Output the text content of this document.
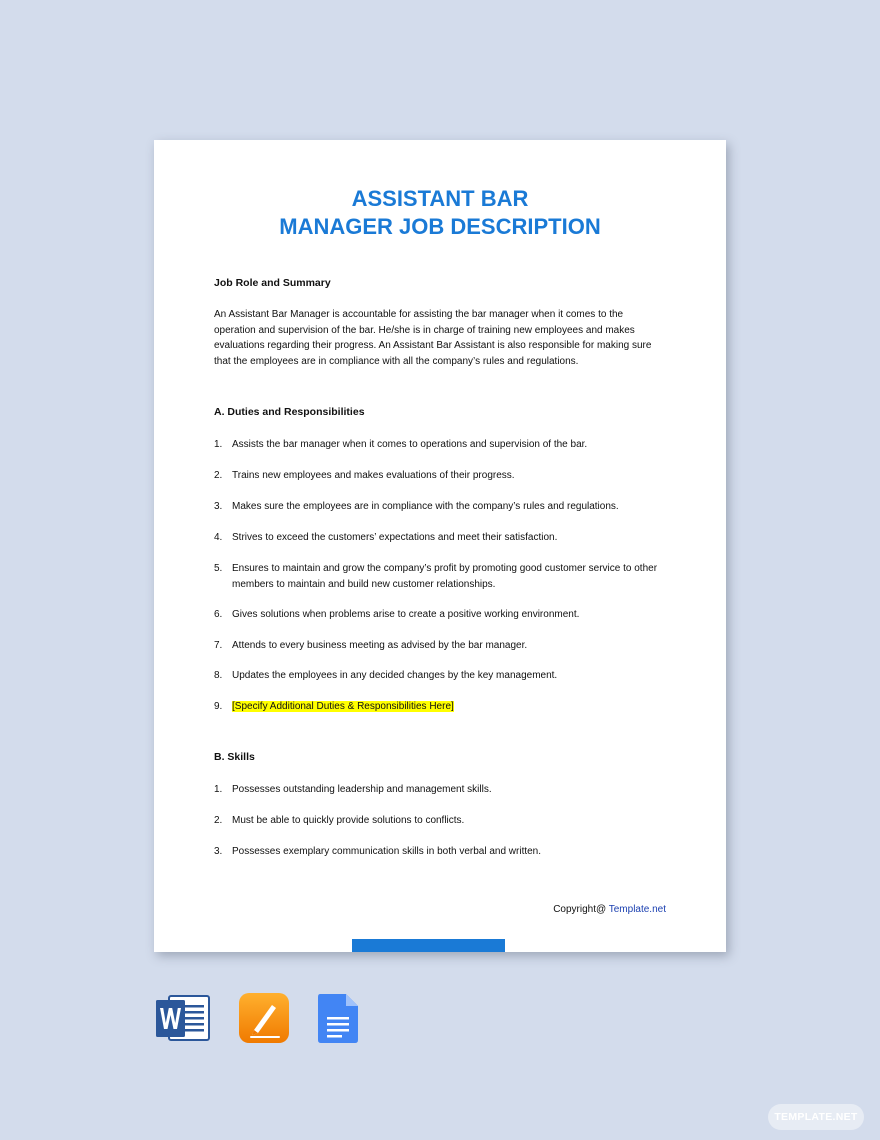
ASSISTANT BAR
MANAGER JOB DESCRIPTION
Job Role and Summary
An Assistant Bar Manager is accountable for assisting the bar manager when it comes to the operation and supervision of the bar. He/she is in charge of training new employees and makes evaluations regarding their progress. An Assistant Bar Assistant is also responsible for making sure that the employees are in compliance with all the company’s rules and regulations.
A. Duties and Responsibilities
1. Assists the bar manager when it comes to operations and supervision of the bar.
2. Trains new employees and makes evaluations of their progress.
3. Makes sure the employees are in compliance with the company’s rules and regulations.
4. Strives to exceed the customers’ expectations and meet their satisfaction.
5. Ensures to maintain and grow the company’s profit by promoting good customer service to other members to maintain and build new customer relationships.
6. Gives solutions when problems arise to create a positive working environment.
7. Attends to every business meeting as advised by the bar manager.
8. Updates the employees in any decided changes by the key management.
9. [Specify Additional Duties & Responsibilities Here]
B. Skills
1. Possesses outstanding leadership and management skills.
2. Must be able to quickly provide solutions to conflicts.
3. Possesses exemplary communication skills in both verbal and written.
Copyright@ Template.net
TEMPLATE.NET
